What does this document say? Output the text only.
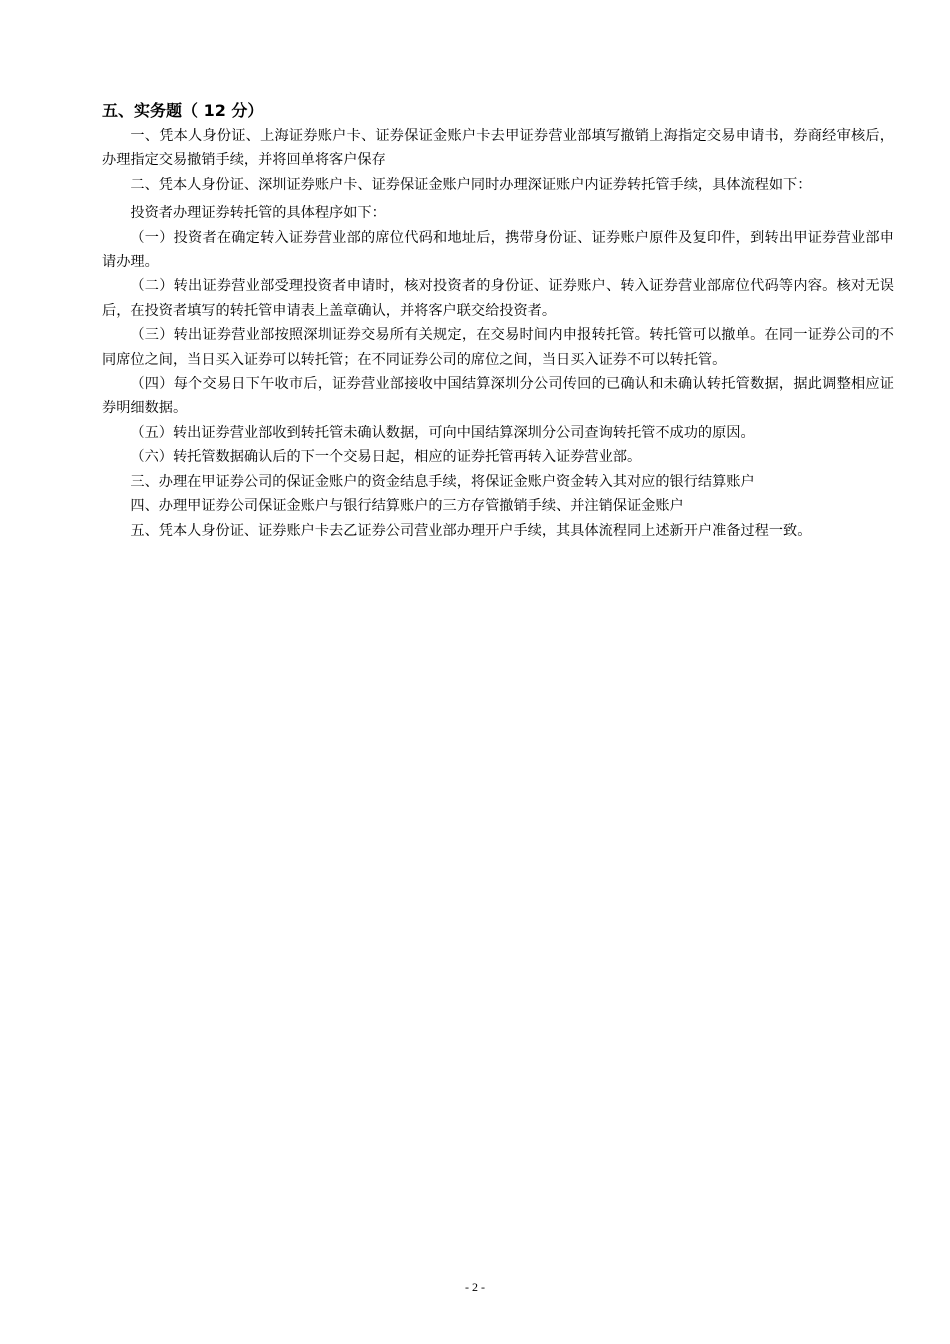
五、实务题（ 12 分）

一、凭本人身份证、上海证券账户卡、证券保证金账户卡去甲证券营业部填写撤销上海指定交易申请书，券商经审核后，办理指定交易撤销手续，并将回单将客户保存

二、凭本人身份证、深圳证券账户卡、证券保证金账户同时办理深证账户内证券转托管手续，具体流程如下：

投资者办理证券转托管的具体程序如下：

（一）投资者在确定转入证券营业部的席位代码和地址后，携带身份证、证券账户原件及复印件，到转出甲证券营业部申请办理。

（二）转出证券营业部受理投资者申请时，核对投资者的身份证、证券账户、转入证券营业部席位代码等内容。核对无误后，在投资者填写的转托管申请表上盖章确认，并将客户联交给投资者。

（三）转出证券营业部按照深圳证券交易所有关规定，在交易时间内申报转托管。转托管可以撤单。在同一证券公司的不同席位之间，当日买入证券可以转托管；在不同证券公司的席位之间，当日买入证券不可以转托管。

（四）每个交易日下午收市后，证券营业部接收中国结算深圳分公司传回的已确认和未确认转托管数据，据此调整相应证券明细数据。

（五）转出证券营业部收到转托管未确认数据，可向中国结算深圳分公司查询转托管不成功的原因。

（六）转托管数据确认后的下一个交易日起，相应的证券托管再转入证券营业部。

三、办理在甲证券公司的保证金账户的资金结息手续，将保证金账户资金转入其对应的银行结算账户

四、办理甲证券公司保证金账户与银行结算账户的三方存管撤销手续、并注销保证金账户

五、凭本人身份证、证券账户卡去乙证券公司营业部办理开户手续，其具体流程同上述新开户准备过程一致。

- 2 -
